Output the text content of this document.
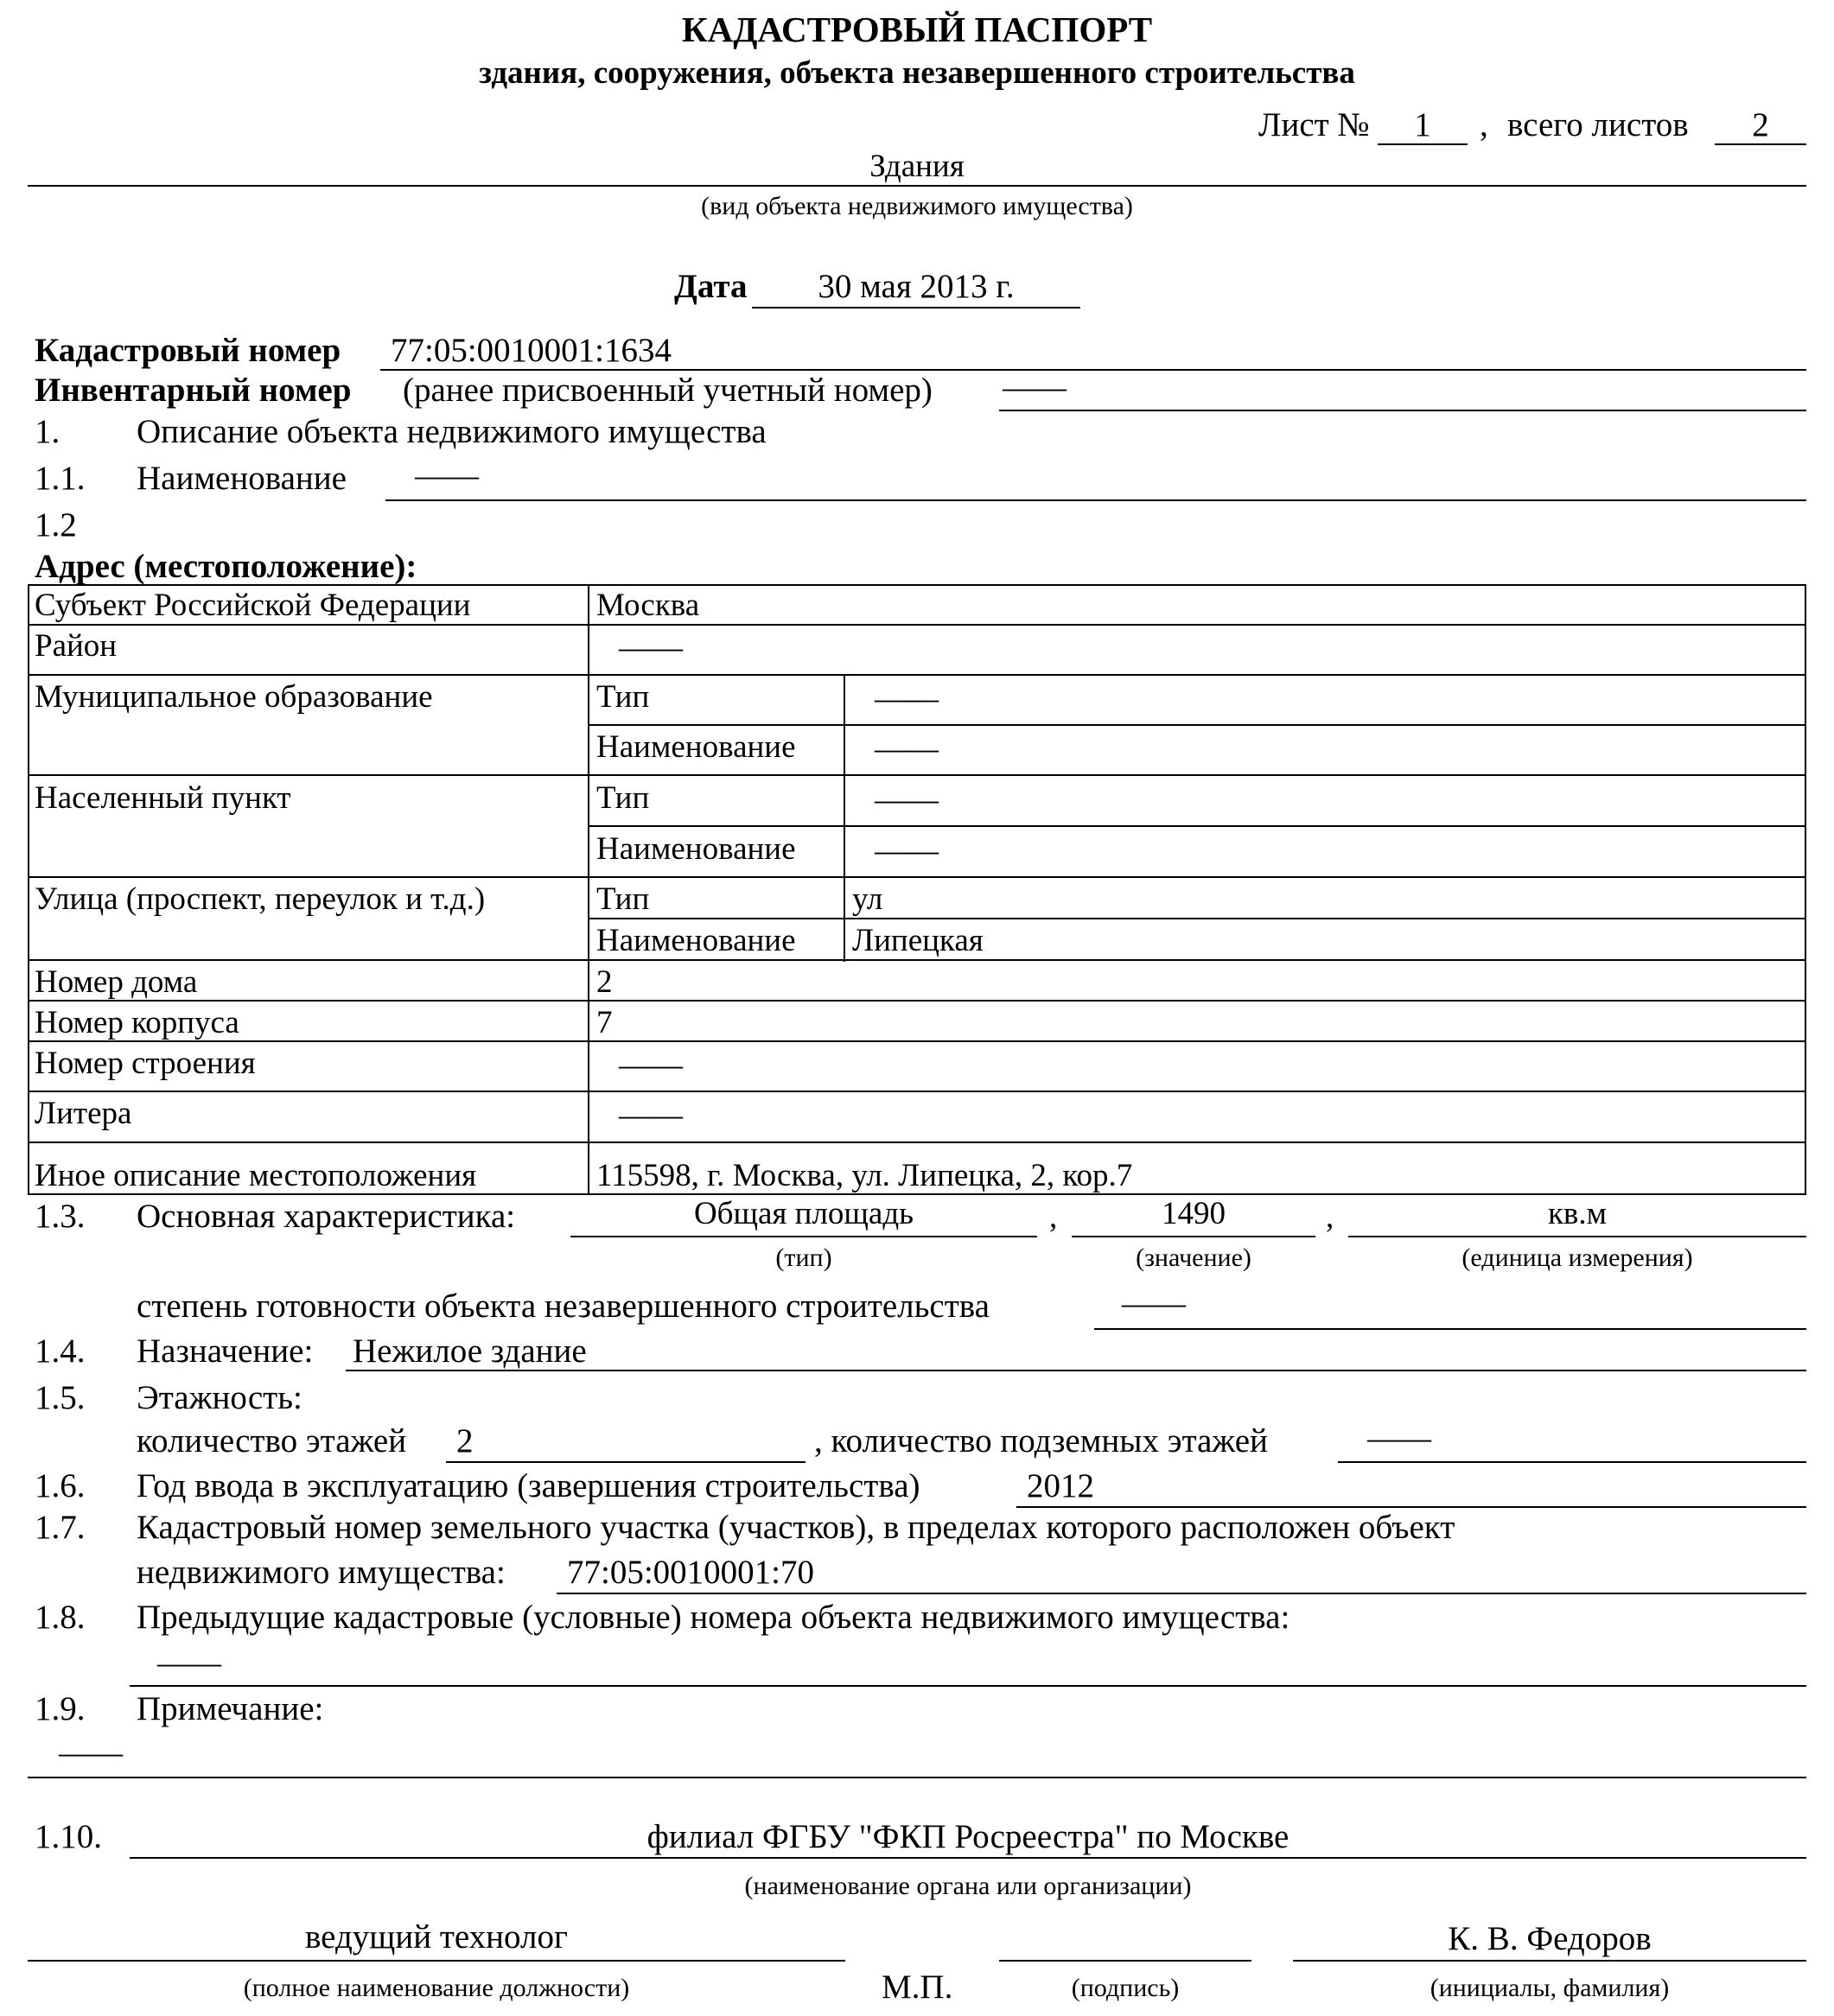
КАДАСТРОВЫЙ ПАСПОРТ
здания, сооружения, объекта незавершенного строительства
Лист №	1	, всего листов	2
Здания
(вид объекта недвижимого имущества)
Дата	30 мая 2013 г.
Кадастровый номер 77:05:0010001:1634
Инвентарный номер (ранее присвоенный учетный номер) ——
1. Описание объекта недвижимого имущества
1.1. Наименование ——
1.2
Адрес (местоположение):
Субъект Российской Федерации	Москва
Район	——
Муниципальное образование	Тип	——
Наименование ——
Населенный пункт	Тип	——
Наименование ——
Улица (проспект, переулок и т.д.)	Тип	ул
Наименование Липецкая
Номер дома	2
Номер корпуса	7
Номер строения	——
Литера	——
Иное описание местоположения	115598, г. Москва, ул. Липецка, 2, кор.7
1.3. Основная характеристика:	Общая площадь	,	1490	,	кв.м
(тип)	(значение)	(единица измерения)
степень готовности объекта незавершенного строительства	——
1.4. Назначение: Нежилое здание
1.5. Этажность:
количество этажей 2	, количество подземных этажей	——
1.6. Год ввода в эксплуатацию (завершения строительства)	2012
1.7. Кадастровый номер земельного участка (участков), в пределах которого расположен объект
недвижимого имущества: 77:05:0010001:70
1.8. Предыдущие кадастровые (условные) номера объекта недвижимого имущества:
——
1.9. Примечание:
——
1.10.	филиал ФГБУ "ФКП Росреестра" по Москве
(наименование органа или организации)
ведущий технолог
(полное наименование должности)	М.П.	(подпись)
К. В. Федоров
(инициалы, фамилия)
